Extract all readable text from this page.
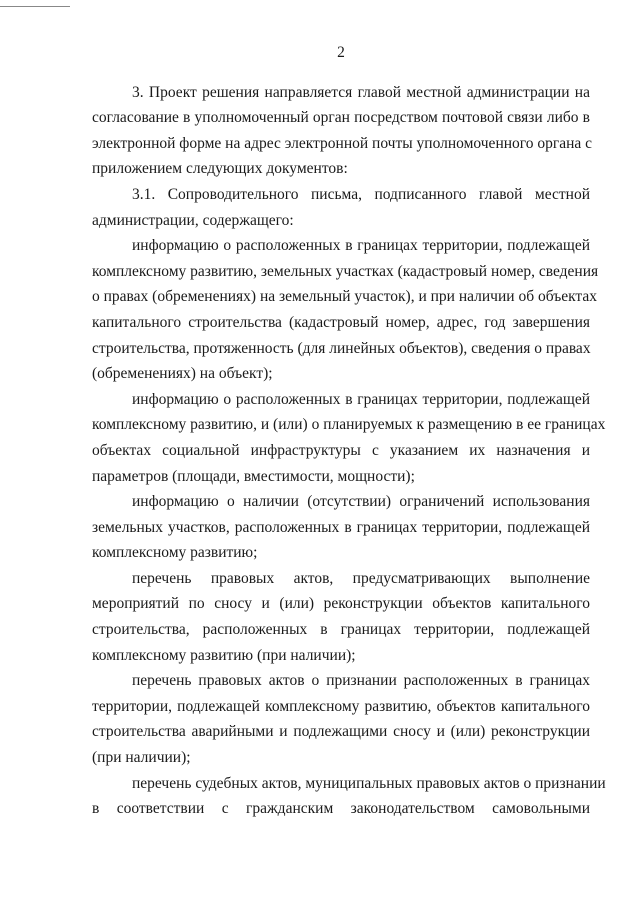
2
3. Проект решения направляется главой местной администрации на
согласование в уполномоченный орган посредством почтовой связи либо в
электронной форме на адрес электронной почты уполномоченного органа с
приложением следующих документов:
3.1. Сопроводительного письма, подписанного главой местной
администрации, содержащего:
информацию о расположенных в границах территории, подлежащей
комплексному развитию, земельных участках (кадастровый номер, сведения
о правах (обременениях) на земельный участок), и при наличии об объектах
капитального строительства (кадастровый номер, адрес, год завершения
строительства, протяженность (для линейных объектов), сведения о правах
(обременениях) на объект);
информацию о расположенных в границах территории, подлежащей
комплексному развитию, и (или) о планируемых к размещению в ее границах
объектах социальной инфраструктуры с указанием их назначения и
параметров (площади, вместимости, мощности);
информацию о наличии (отсутствии) ограничений использования
земельных участков, расположенных в границах территории, подлежащей
комплексному развитию;
перечень правовых актов, предусматривающих выполнение
мероприятий по сносу и (или) реконструкции объектов капитального
строительства, расположенных в границах территории, подлежащей
комплексному развитию (при наличии);
перечень правовых актов о признании расположенных в границах
территории, подлежащей комплексному развитию, объектов капитального
строительства аварийными и подлежащими сносу и (или) реконструкции
(при наличии);
перечень судебных актов, муниципальных правовых актов о признании
в соответствии с гражданским законодательством самовольными
